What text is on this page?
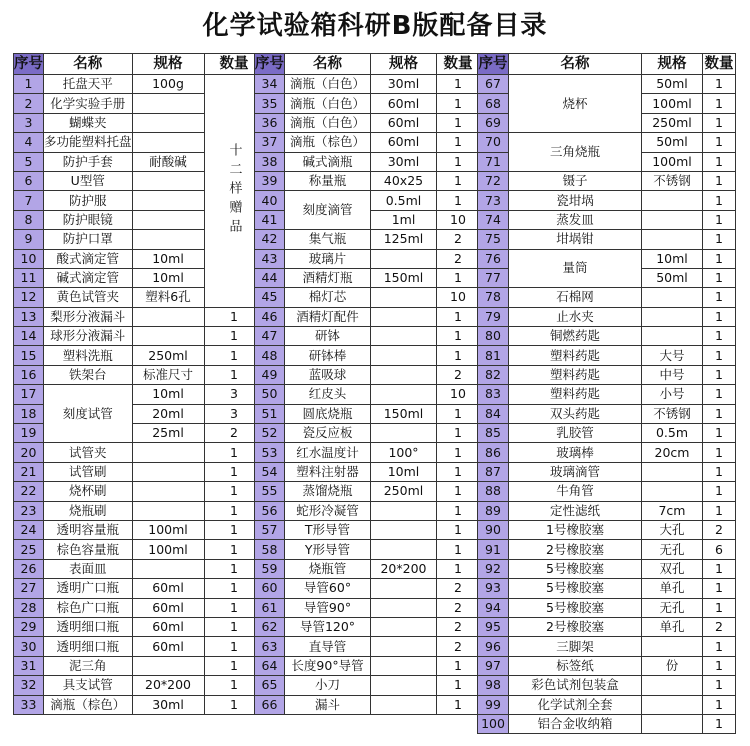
化学试验箱科研B版配备目录
序号	名称	规格	数量
1	托盘天平	100g	十二样赠品
2	化学实验手册		
3	蝴蝶夹		
4	多功能塑料托盘		
5	防护手套	耐酸碱	
6	U型管		
7	防护服		
8	防护眼镜		
9	防护口罩		
10	酸式滴定管	10ml	
11	碱式滴定管	10ml	
12	黄色试管夹	塑料6孔	
13	梨形分液漏斗		1
14	球形分液漏斗		1
15	塑料洗瓶	250ml	1
16	铁架台	标准尺寸	1
17	刻度试管	10ml	3
18		20ml	3
19		25ml	2
20	试管夹		1
21	试管刷		1
22	烧杯刷		1
23	烧瓶刷		1
24	透明容量瓶	100ml	1
25	棕色容量瓶	100ml	1
26	表面皿		1
27	透明广口瓶	60ml	1
28	棕色广口瓶	60ml	1
29	透明细口瓶	60ml	1
30	透明细口瓶	60ml	1
31	泥三角		1
32	具支试管	20*200	1
33	滴瓶（棕色）	30ml	1
序号	名称	规格	数量
34	滴瓶（白色）	30ml	1
35	滴瓶（白色）	60ml	1
36	滴瓶（白色）	60ml	1
37	滴瓶（棕色）	60ml	1
38	碱式滴瓶	30ml	1
39	称量瓶	40x25	1
40	刻度滴管	0.5ml	1
41		1ml	10
42	集气瓶	125ml	2
43	玻璃片		2
44	酒精灯瓶	150ml	1
45	棉灯芯		10
46	酒精灯配件		1
47	研钵		1
48	研钵棒		1
49	蓝吸球		2
50	红皮头		10
51	圆底烧瓶	150ml	1
52	瓷反应板		1
53	红水温度计	100°	1
54	塑料注射器	10ml	1
55	蒸馏烧瓶	250ml	1
56	蛇形冷凝管		1
57	T形导管		1
58	Y形导管		1
59	烧瓶管	20*200	1
60	导管60°		2
61	导管90°		2
62	导管120°		2
63	直导管		2
64	长度90°导管		1
65	小刀		1
66	漏斗		1
序号	名称	规格	数量
67	烧杯	50ml	1
68		100ml	1
69		250ml	1
70	三角烧瓶	50ml	1
71		100ml	1
72	镊子	不锈钢	1
73	瓷坩埚		1
74	蒸发皿		1
75	坩埚钳		1
76	量筒	10ml	1
77		50ml	1
78	石棉网		1
79	止水夹		1
80	铜燃药匙		1
81	塑料药匙	大号	1
82	塑料药匙	中号	1
83	塑料药匙	小号	1
84	双头药匙	不锈钢	1
85	乳胶管	0.5m	1
86	玻璃棒	20cm	1
87	玻璃滴管		1
88	牛角管		1
89	定性滤纸	7cm	1
90	1号橡胶塞	大孔	2
91	2号橡胶塞	无孔	6
92	5号橡胶塞	双孔	1
93	5号橡胶塞	单孔	1
94	5号橡胶塞	无孔	1
95	2号橡胶塞	单孔	2
96	三脚架		1
97	标签纸	份	1
98	彩色试剂包装盒		1
99	化学试剂全套		1
100	铝合金收纳箱		1
